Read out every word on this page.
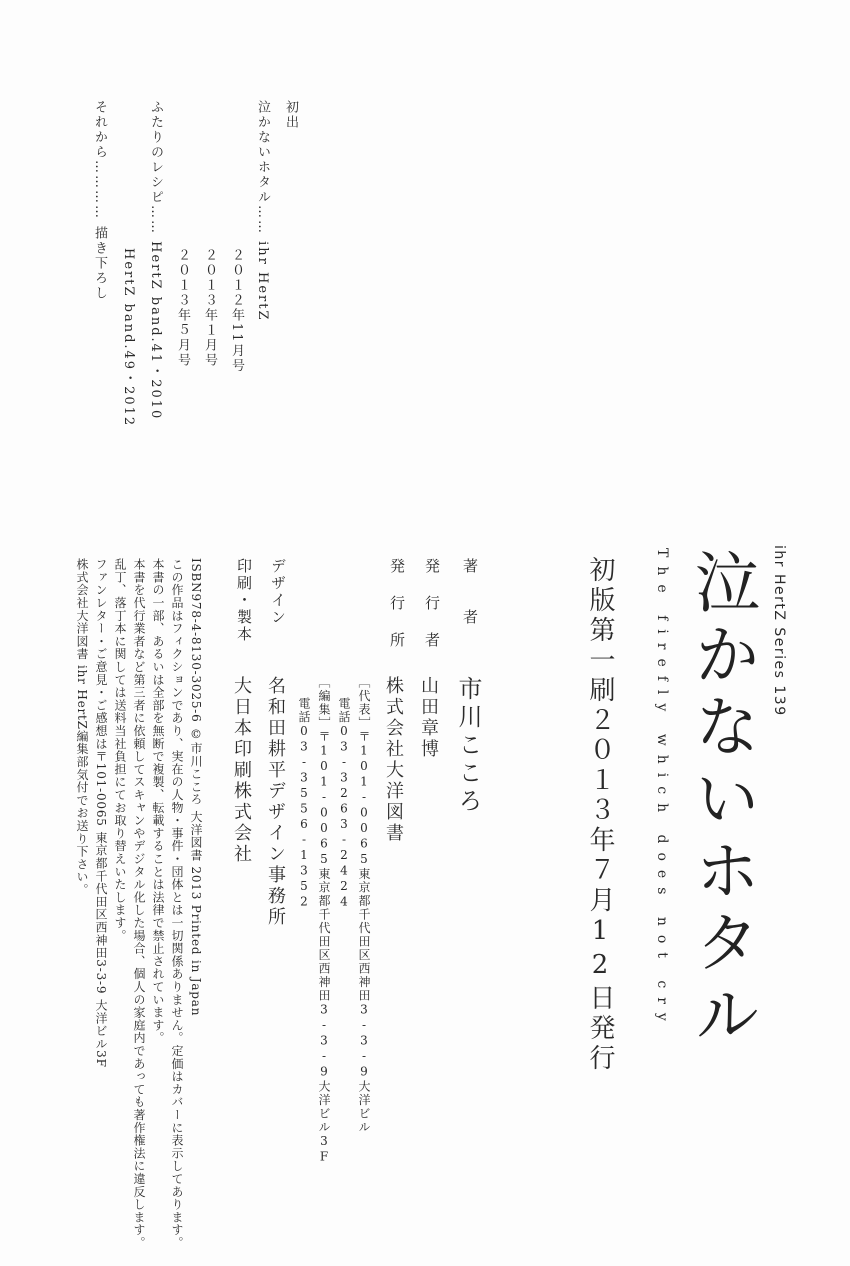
初出

泣かないホタル…… ihr HertZ

２０１２年11月号

２０１３年１月号

２０１３年５月号

ふたりのレシピ…… HertZ band.41・2010

HertZ band.49・2012

それから………… 描き下ろし

ihr HertZ Series 139

泣かないホタル

The firefly which does not cry

初版第一刷２０１３年７月12日発行

著　　者

市川こころ

発 行 者

山田章博

発 行 所

株式会社大洋図書

［代表］〒101-0065東京都千代田区西神田3-3-9大洋ビル

電話03-3263-2424

［編集］〒101-0065東京都千代田区西神田3-3-9大洋ビル3F

電話03-3556-1352

デザイン

名和田耕平デザイン事務所

印刷・製本

大日本印刷株式会社

ISBN978-4-8130-3025-6 ©市川こころ 大洋図書 2013 Printed in Japan

この作品はフィクションであり、実在の人物・事件・団体とは一切関係ありません。定価はカバーに表示してあります。

本書の一部、あるいは全部を無断で複製、転載することは法律で禁止されています。

本書を代行業者など第三者に依頼してスキャンやデジタル化した場合、個人の家庭内であっても著作権法に違反します。

乱丁、落丁本に関しては送料当社負担にてお取り替えいたします。

ファンレター・ご意見・ご感想は〒101-0065 東京都千代田区西神田3-3-9 大洋ビル3F

株式会社大洋図書 ihr HertZ編集部気付でお送り下さい。
